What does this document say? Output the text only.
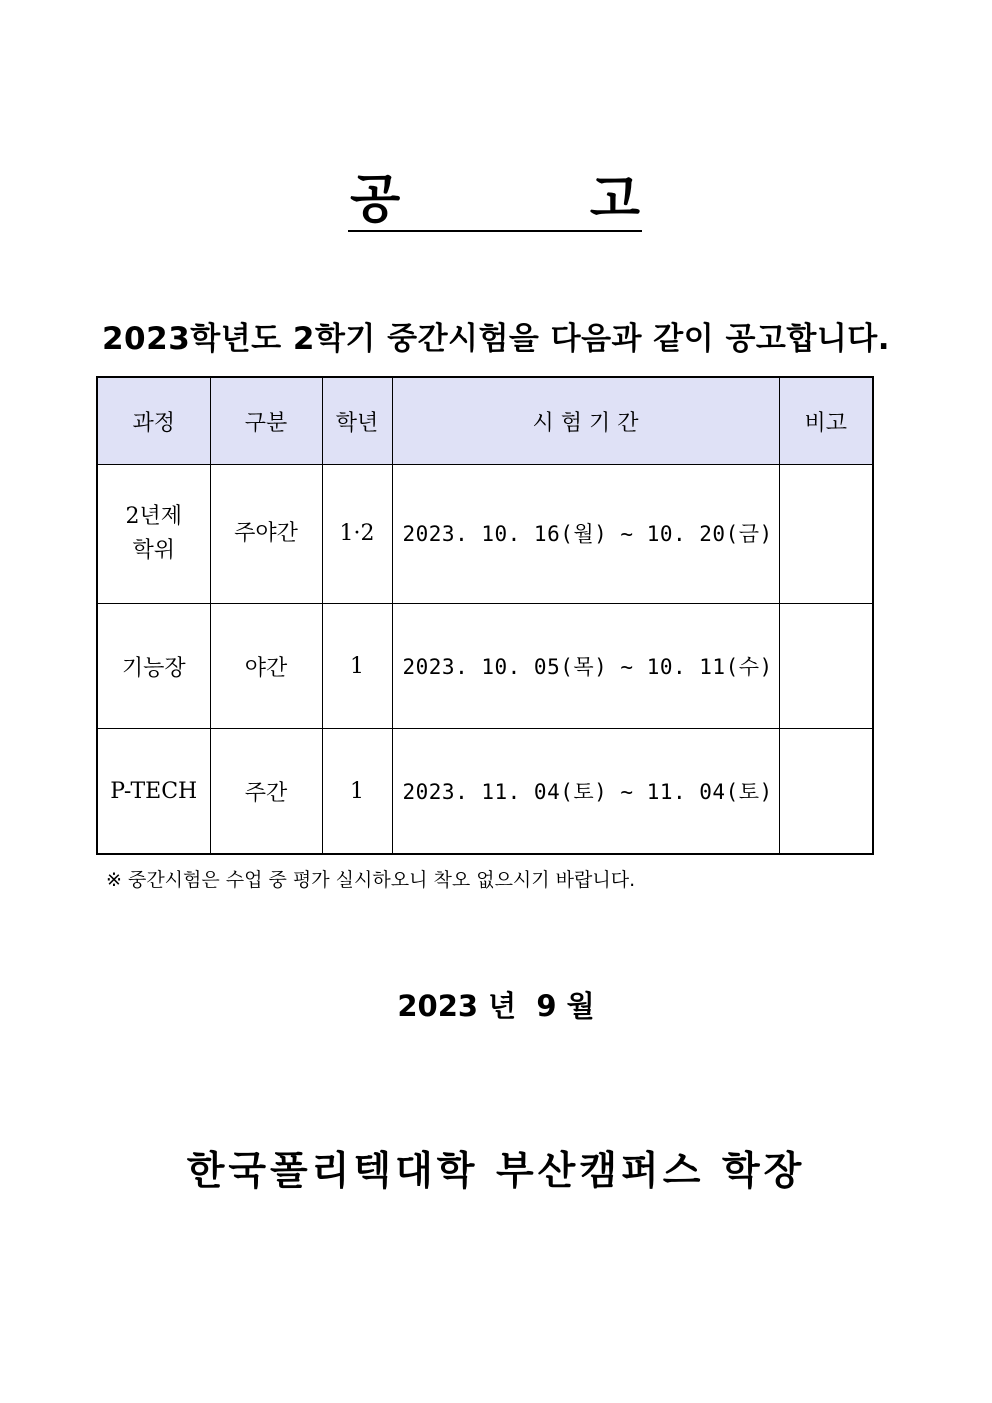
공	고
2023학년도 2학기 중간시험을 다음과 같이 공고합니다.
과정	구분	학년	시 험 기 간	비고

2년제
학위	주야간	1·2	2023. 10. 16(월) ~ 10. 20(금)	
기능장	야간	1	2023. 10. 05(목) ~ 10. 11(수)	
P-TECH	주간	1	2023. 11. 04(토) ~ 11. 04(토)	
※ 중간시험은 수업 중 평가 실시하오니 착오 없으시기 바랍니다.
2023 년  9 월
한국폴리텍대학 부산캠퍼스 학장
